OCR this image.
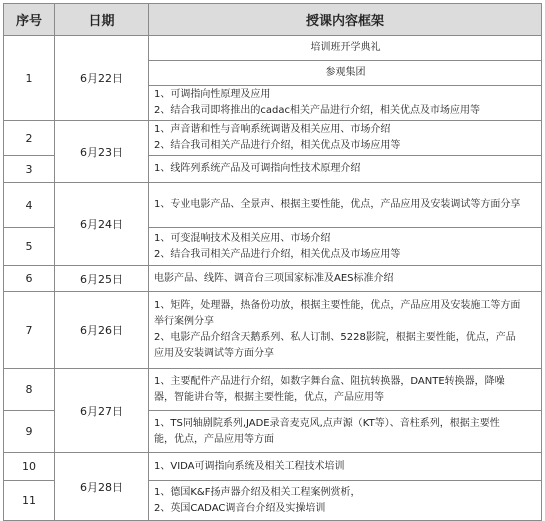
序号	日期	授课内容框架
1	6月22日	培训班开学典礼

		参观集团

		1、可调指向性原理及应用
2、结合我司即将推出的cadac相关产品进行介绍，相关优点及市场应用等

2	6月23日	1、声音谐和性与音响系统调谐及相关应用、市场介绍
2、结合我司相关产品进行介绍，相关优点及市场应用等

3		1、线阵列系统产品及可调指向性技术原理介绍

4	6月24日	1、专业电影产品、全景声、根据主要性能，优点，产品应用及安装调试等方面分享

5		1、可变混响技术及相关应用、市场介绍
2、结合我司相关产品进行介绍，相关优点及市场应用等

6	6月25日	电影产品、线阵、调音台三项国家标准及AES标准介绍

7	6月26日	1、矩阵，处理器，热备份功放，根据主要性能，优点，产品应用及安装施工等方面
举行案例分享
2、电影产品介绍含天鹅系列、私人订制、5228影院，根据主要性能，优点，产品
应用及安装调试等方面分享

8	6月27日	1、主要配件产品进行介绍，如数字舞台盒、阻抗转换器，DANTE转换器，降噪
器，智能讲台等，根据主要性能，优点，产品应用等

9		1、TS同轴剧院系列,JADE录音麦克风,点声源（KT等）、音柱系列，根据主要性
能，优点，产品应用等方面

10	6月28日	1、VIDA可调指向系统及相关工程技术培训

11		1、德国K&F扬声器介绍及相关工程案例赏析，
2、英国CADAC调音台介绍及实操培训
